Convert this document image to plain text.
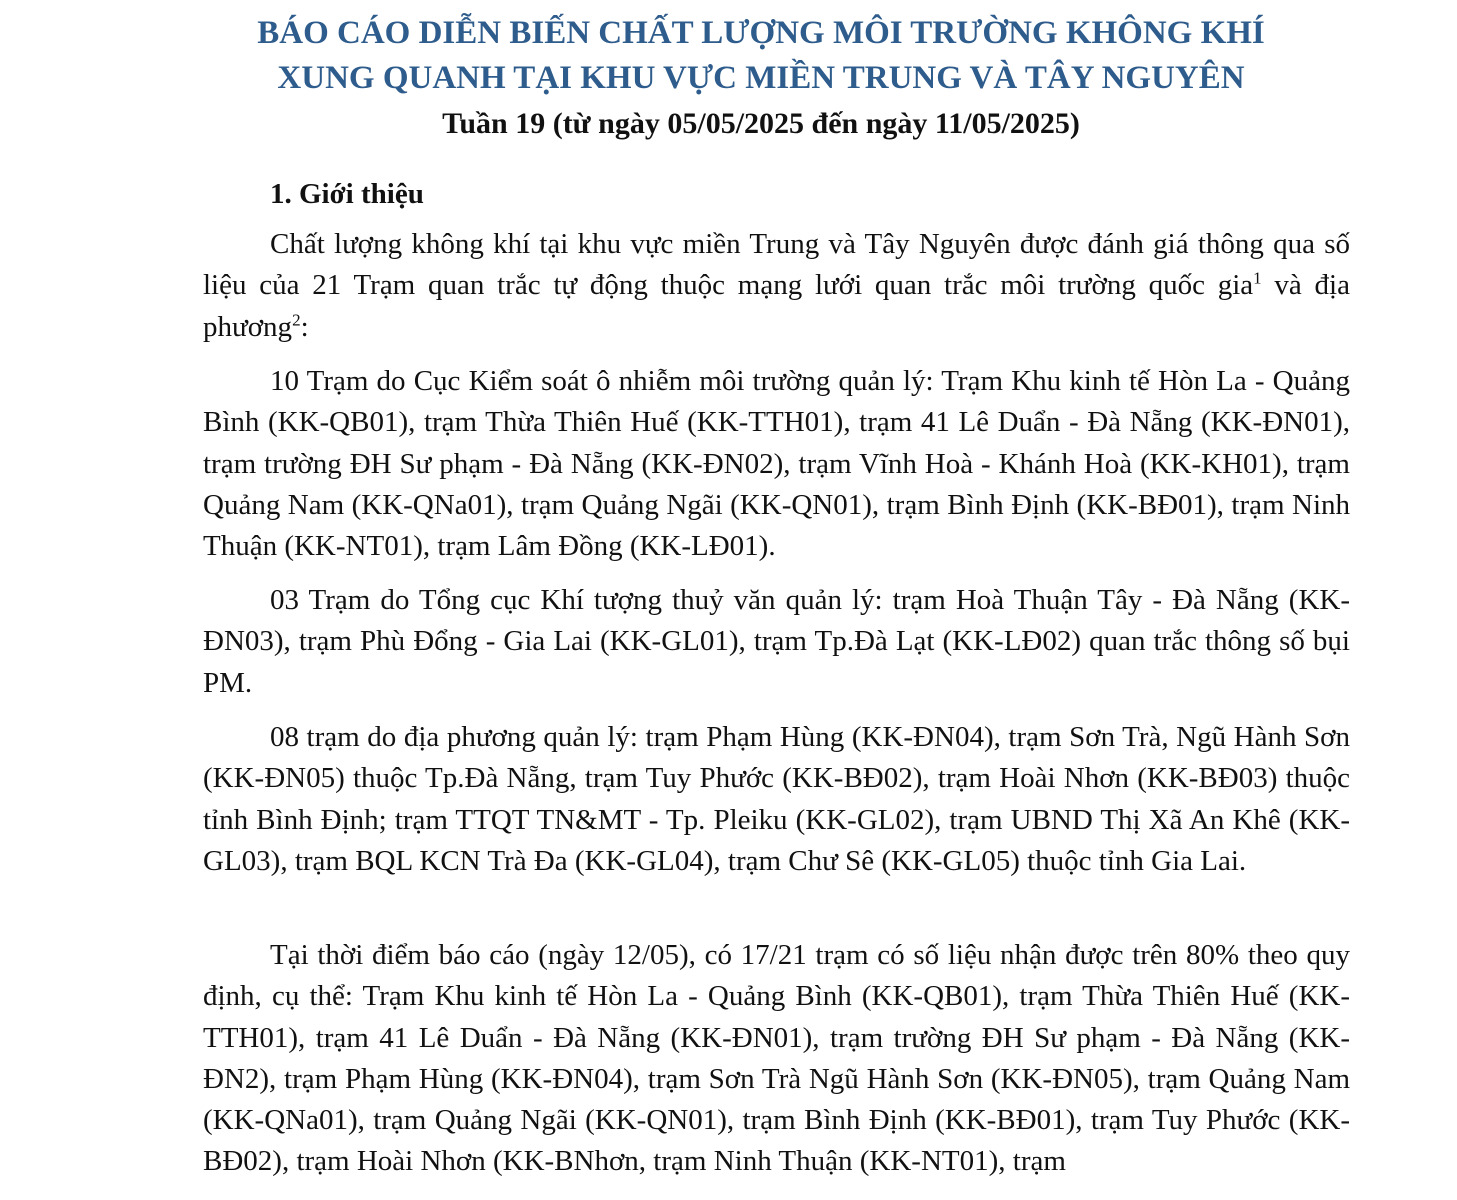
BÁO CÁO DIỄN BIẾN CHẤT LƯỢNG MÔI TRƯỜNG KHÔNG KHÍ
XUNG QUANH TẠI KHU VỰC MIỀN TRUNG VÀ TÂY NGUYÊN
Tuần 19 (từ ngày 05/05/2025 đến ngày 11/05/2025)
1. Giới thiệu

Chất lượng không khí tại khu vực miền Trung và Tây Nguyên được đánh giá thông qua số liệu của 21 Trạm quan trắc tự động thuộc mạng lưới quan trắc môi trường quốc gia$^1$ và địa phương$^2$:

10 Trạm do Cục Kiểm soát ô nhiễm môi trường quản lý: Trạm Khu kinh tế Hòn La - Quảng Bình (KK-QB01), trạm Thừa Thiên Huế (KK-TTH01), trạm 41 Lê Duẩn - Đà Nẵng (KK-ĐN01), trạm trường ĐH Sư phạm - Đà Nẵng (KK-ĐN02), trạm Vĩnh Hoà - Khánh Hoà (KK-KH01), trạm Quảng Nam (KK-QNa01), trạm Quảng Ngãi (KK-QN01), trạm Bình Định (KK-BĐ01), trạm Ninh Thuận (KK-NT01), trạm Lâm Đồng (KK-LĐ01).

03 Trạm do Tổng cục Khí tượng thuỷ văn quản lý: trạm Hoà Thuận Tây - Đà Nẵng (KK-ĐN03), trạm Phù Đổng - Gia Lai (KK-GL01), trạm Tp.Đà Lạt (KK-LĐ02) quan trắc thông số bụi PM.

08 trạm do địa phương quản lý: trạm Phạm Hùng (KK-ĐN04), trạm Sơn Trà, Ngũ Hành Sơn (KK-ĐN05) thuộc Tp.Đà Nẵng, trạm Tuy Phước (KK-BĐ02), trạm Hoài Nhơn (KK-BĐ03) thuộc tỉnh Bình Định; trạm TTQT TN&MT - Tp. Pleiku (KK-GL02), trạm UBND Thị Xã An Khê (KK-GL03), trạm BQL KCN Trà Đa (KK-GL04), trạm Chư Sê (KK-GL05) thuộc tỉnh Gia Lai.

Tại thời điểm báo cáo (ngày 12/05), có 17/21 trạm có số liệu nhận được trên 80% theo quy định, cụ thể: Trạm Khu kinh tế Hòn La - Quảng Bình (KK-QB01), trạm Thừa Thiên Huế (KK-TTH01), trạm 41 Lê Duẩn - Đà Nẵng (KK-ĐN01), trạm trường ĐH Sư phạm - Đà Nẵng (KK-ĐN2), trạm Phạm Hùng (KK-ĐN04), trạm Sơn Trà Ngũ Hành Sơn (KK-ĐN05), trạm Quảng Nam (KK-QNa01), trạm Quảng Ngãi (KK-QN01), trạm Bình Định (KK-BĐ01), trạm Tuy Phước (KK-BĐ02), trạm Hoài Nhơn (KK-BNhơn, trạm Ninh Thuận (KK-NT01), trạm
